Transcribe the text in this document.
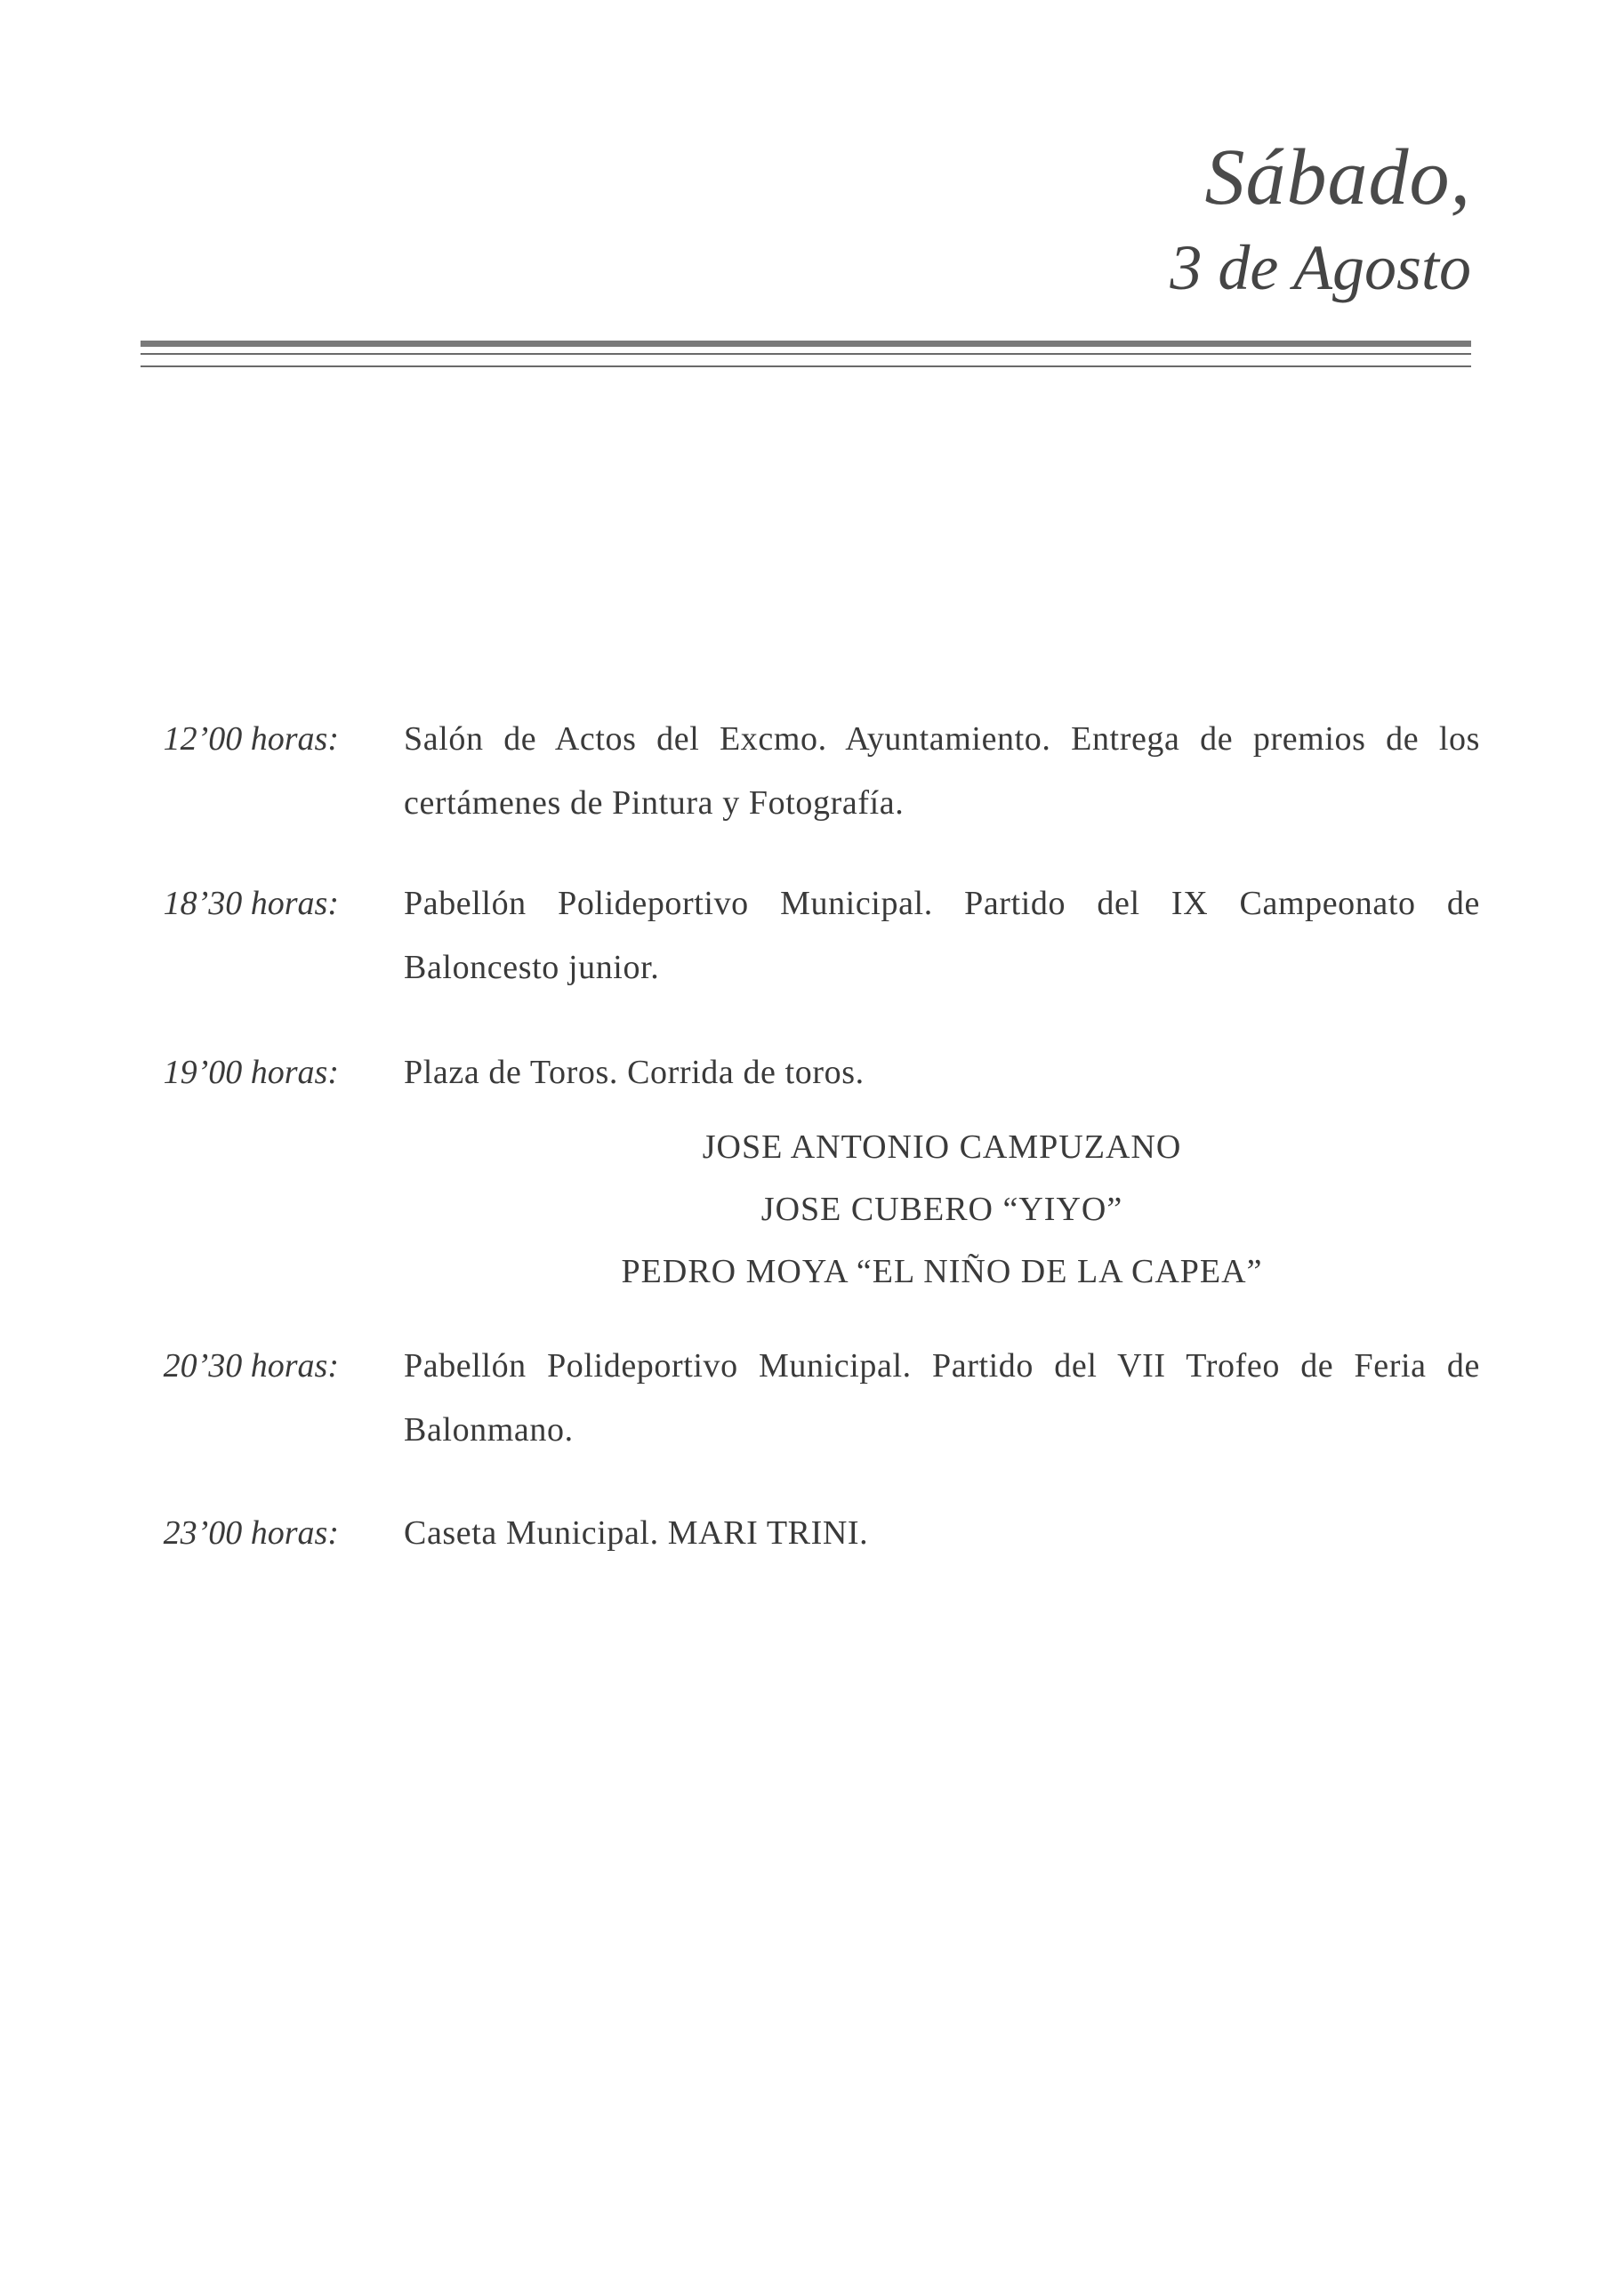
Sábado,
3 de Agosto
12’00 horas: Salón de Actos del Excmo. Ayuntamiento. Entrega de premios de los certámenes de Pintura y Fotografía.
18’30 horas: Pabellón Polideportivo Municipal. Partido del IX Campeonato de Baloncesto junior.
19’00 horas: Plaza de Toros. Corrida de toros.
JOSE ANTONIO CAMPUZANO
JOSE CUBERO “YIYO”
PEDRO MOYA “EL NIÑO DE LA CAPEA”
20’30 horas: Pabellón Polideportivo Municipal. Partido del VII Trofeo de Feria de Balonmano.
23’00 horas: Caseta Municipal. MARI TRINI.
